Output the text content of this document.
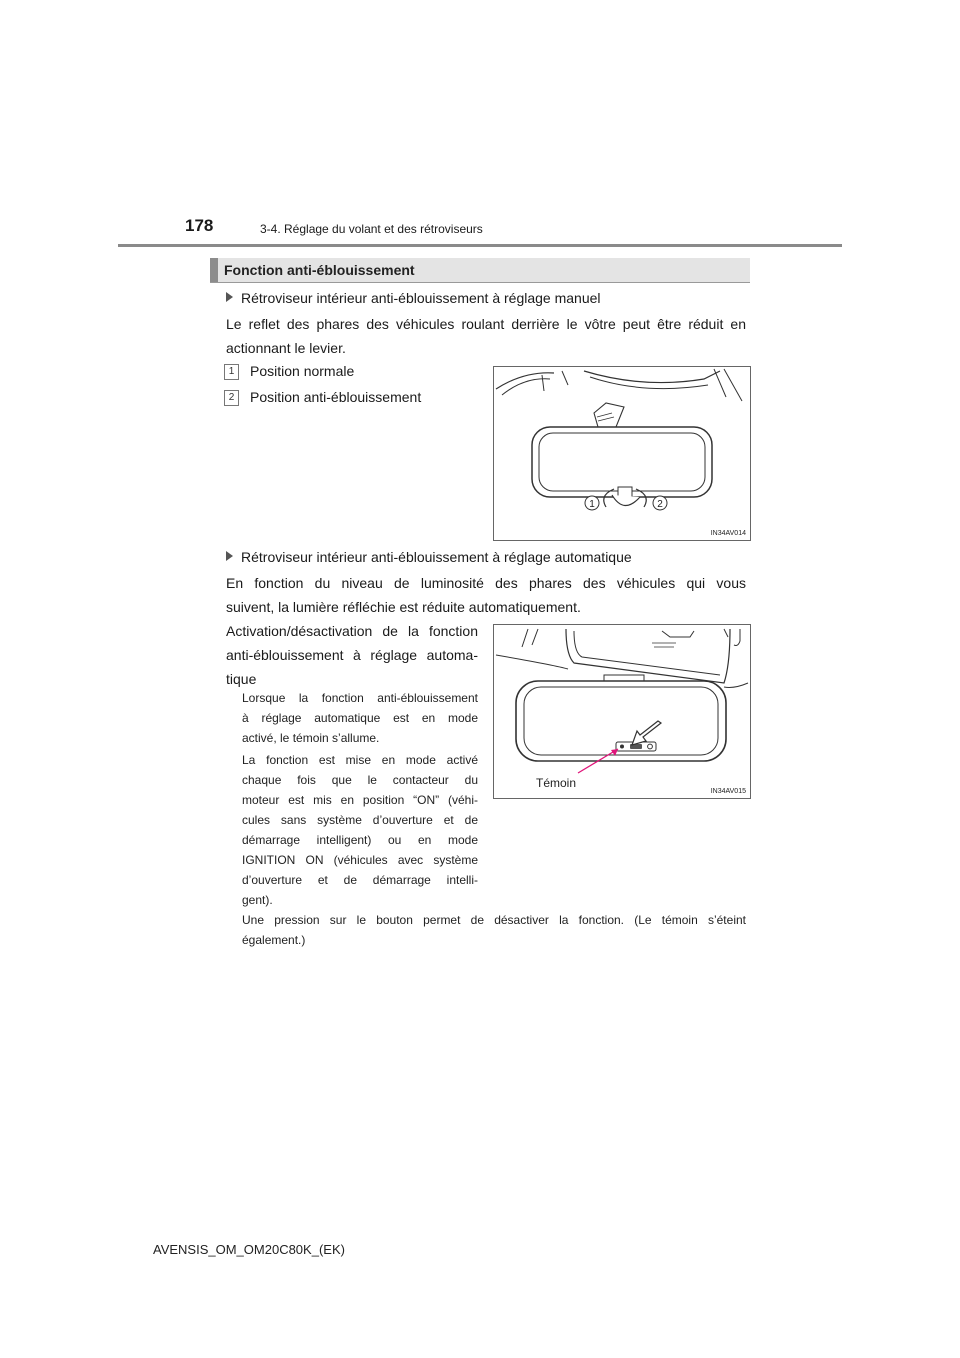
178	3-4. Réglage du volant et des rétroviseurs
Fonction anti-éblouissement
Rétroviseur intérieur anti-éblouissement à réglage manuel
Le reflet des phares des véhicules roulant derrière le vôtre peut être réduit en
actionnant le levier.
1 Position normale
2 Position anti-éblouissement
1	2
IN34AV014
Rétroviseur intérieur anti-éblouissement à réglage automatique
En fonction du niveau de luminosité des phares des véhicules qui vous
suivent, la lumière réfléchie est réduite automatiquement.
Activation/désactivation de la fonction
anti-éblouissement à réglage automa-
tique
Lorsque la fonction anti-éblouissement
à réglage automatique est en mode
activé, le témoin s’allume.
La fonction est mise en mode activé
chaque fois que le contacteur du
moteur est mis en position “ON” (véhi-
cules sans système d’ouverture et de
démarrage intelligent) ou en mode
IGNITION ON (véhicules avec système
d’ouverture et de démarrage intelli-
gent).
Une pression sur le bouton permet de désactiver la fonction. (Le témoin s’éteint
également.)
Témoin
IN34AV015
AVENSIS_OM_OM20C80K_(EK)
